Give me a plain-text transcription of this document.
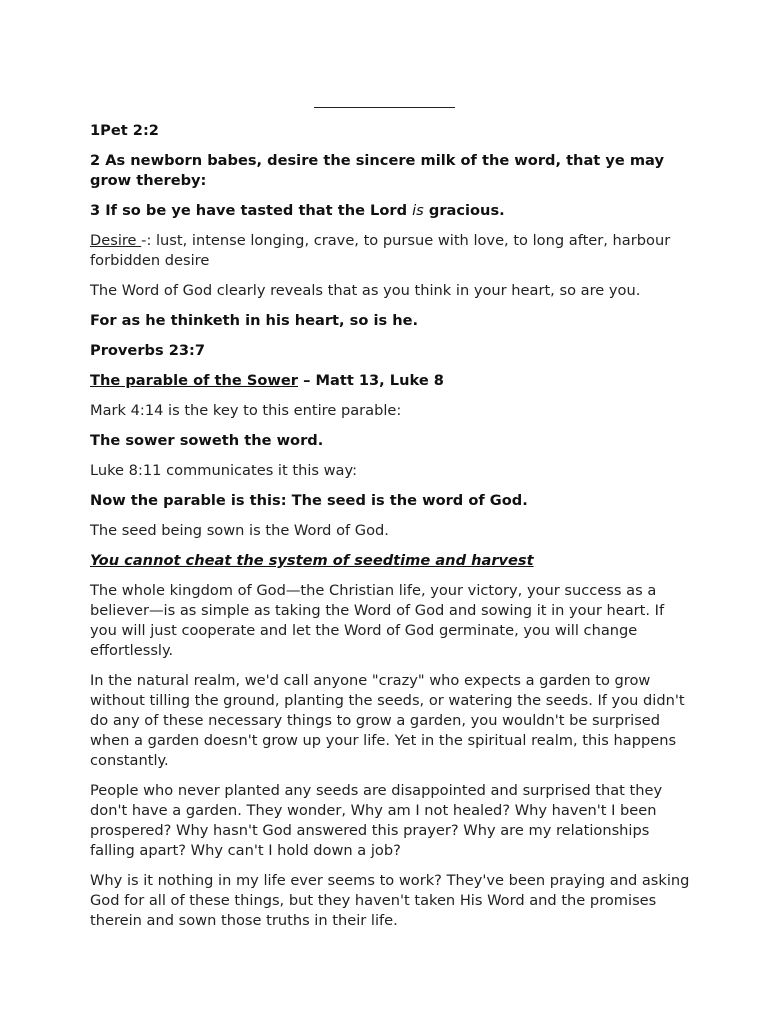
1Pet 2:2

2 As newborn babes, desire the sincere milk of the word, that ye may grow thereby:

3 If so be ye have tasted that the Lord is gracious.

Desire -: lust, intense longing, crave, to pursue with love, to long after, harbour forbidden desire

The Word of God clearly reveals that as you think in your heart, so are you.

For as he thinketh in his heart, so is he.

Proverbs 23:7

The parable of the Sower – Matt 13, Luke 8

Mark 4:14 is the key to this entire parable:

The sower soweth the word.

Luke 8:11 communicates it this way:

Now the parable is this: The seed is the word of God.

The seed being sown is the Word of God.

You cannot cheat the system of seedtime and harvest

The whole kingdom of God—the Christian life, your victory, your success as a believer—is as simple as taking the Word of God and sowing it in your heart. If you will just cooperate and let the Word of God germinate, you will change effortlessly.

In the natural realm, we'd call anyone "crazy" who expects a garden to grow without tilling the ground, planting the seeds, or watering the seeds. If you didn't do any of these necessary things to grow a garden, you wouldn't be surprised when a garden doesn't grow up your life. Yet in the spiritual realm, this happens constantly.

People who never planted any seeds are disappointed and surprised that they don't have a garden. They wonder, Why am I not healed? Why haven't I been prospered? Why hasn't God answered this prayer? Why are my relationships falling apart? Why can't I hold down a job?

Why is it nothing in my life ever seems to work? They've been praying and asking God for all of these things, but they haven't taken His Word and the promises therein and sown those truths in their life.
